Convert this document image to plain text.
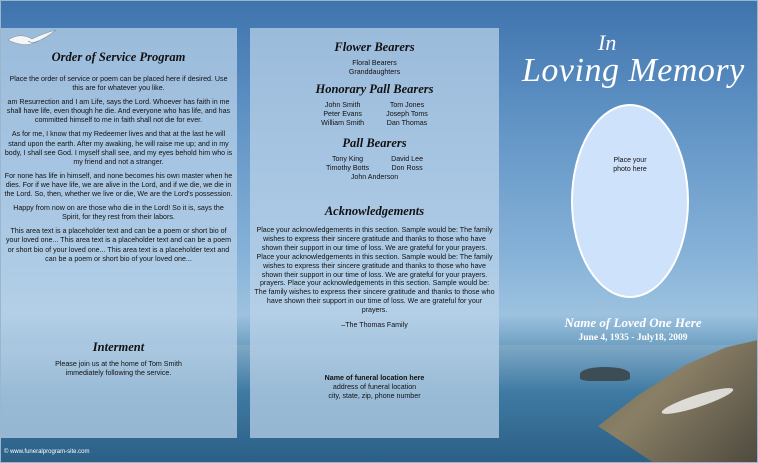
Order of Service Program

Place the order of service or poem can be placed here if desired. Use this are for whatever you like.

am Resurrection and I am Life, says the Lord. Whoever has faith in me shall have life, even though he die. And everyone who has life, and has committed himself to me in faith shall not die for ever.

As for me, I know that my Redeemer lives and that at the last he will stand upon the earth. After my awaking, he will raise me up; and in my body, I shall see God. I myself shall see, and my eyes behold him who is my friend and not a stranger.

For none has life in himself, and none becomes his own master when he dies. For if we have life, we are alive in the Lord, and if we die, we die in the Lord. So, then, whether we live or die, We are the Lord's possession.

Happy from now on are those who die in the Lord! So it is, says the Spirit, for they rest from their labors.

This area text is a placeholder text and can be a poem or short bio of your loved one... This area text is a placeholder text and can be a poem or short bio of your loved one... This area text is a placeholder text and can be a poem or short bio of your loved one...

Interment

Please join us at the home of Tom Smith immediately following the service.

Flower Bearers

Floral Bearers

Granddaughters

Honorary Pall Bearers
John Smith
Peter Evans
William Smith
Tom Jones
Joseph Toms
Dan Thomas
Pall Bearers
Tony King
Timothy Botts
David Lee
Don Ross

John Anderson

Acknowledgements

Place your acknowledgements in this section. Sample would be: The family wishes to express their sincere gratitude and thanks to those who have shown their support in our time of loss. We are grateful for your prayers. Place your acknowledgements in this section. Sample would be: The family wishes to express their sincere gratitude and thanks to those who have shown their support in our time of loss. We are grateful for your prayers. prayers. Place your acknowledgements in this section. Sample would be: The family wishes to express their sincere gratitude and thanks to those who have shown their support in our time of loss. We are grateful for your prayers.

–The Thomas Family

Name of funeral location here

address of funeral location

city, state, zip, phone number

In
Loving Memory
Place your
photo here
Name of Loved One Here
June 4, 1935 - July18, 2009
© www.funeralprogram-site.com
